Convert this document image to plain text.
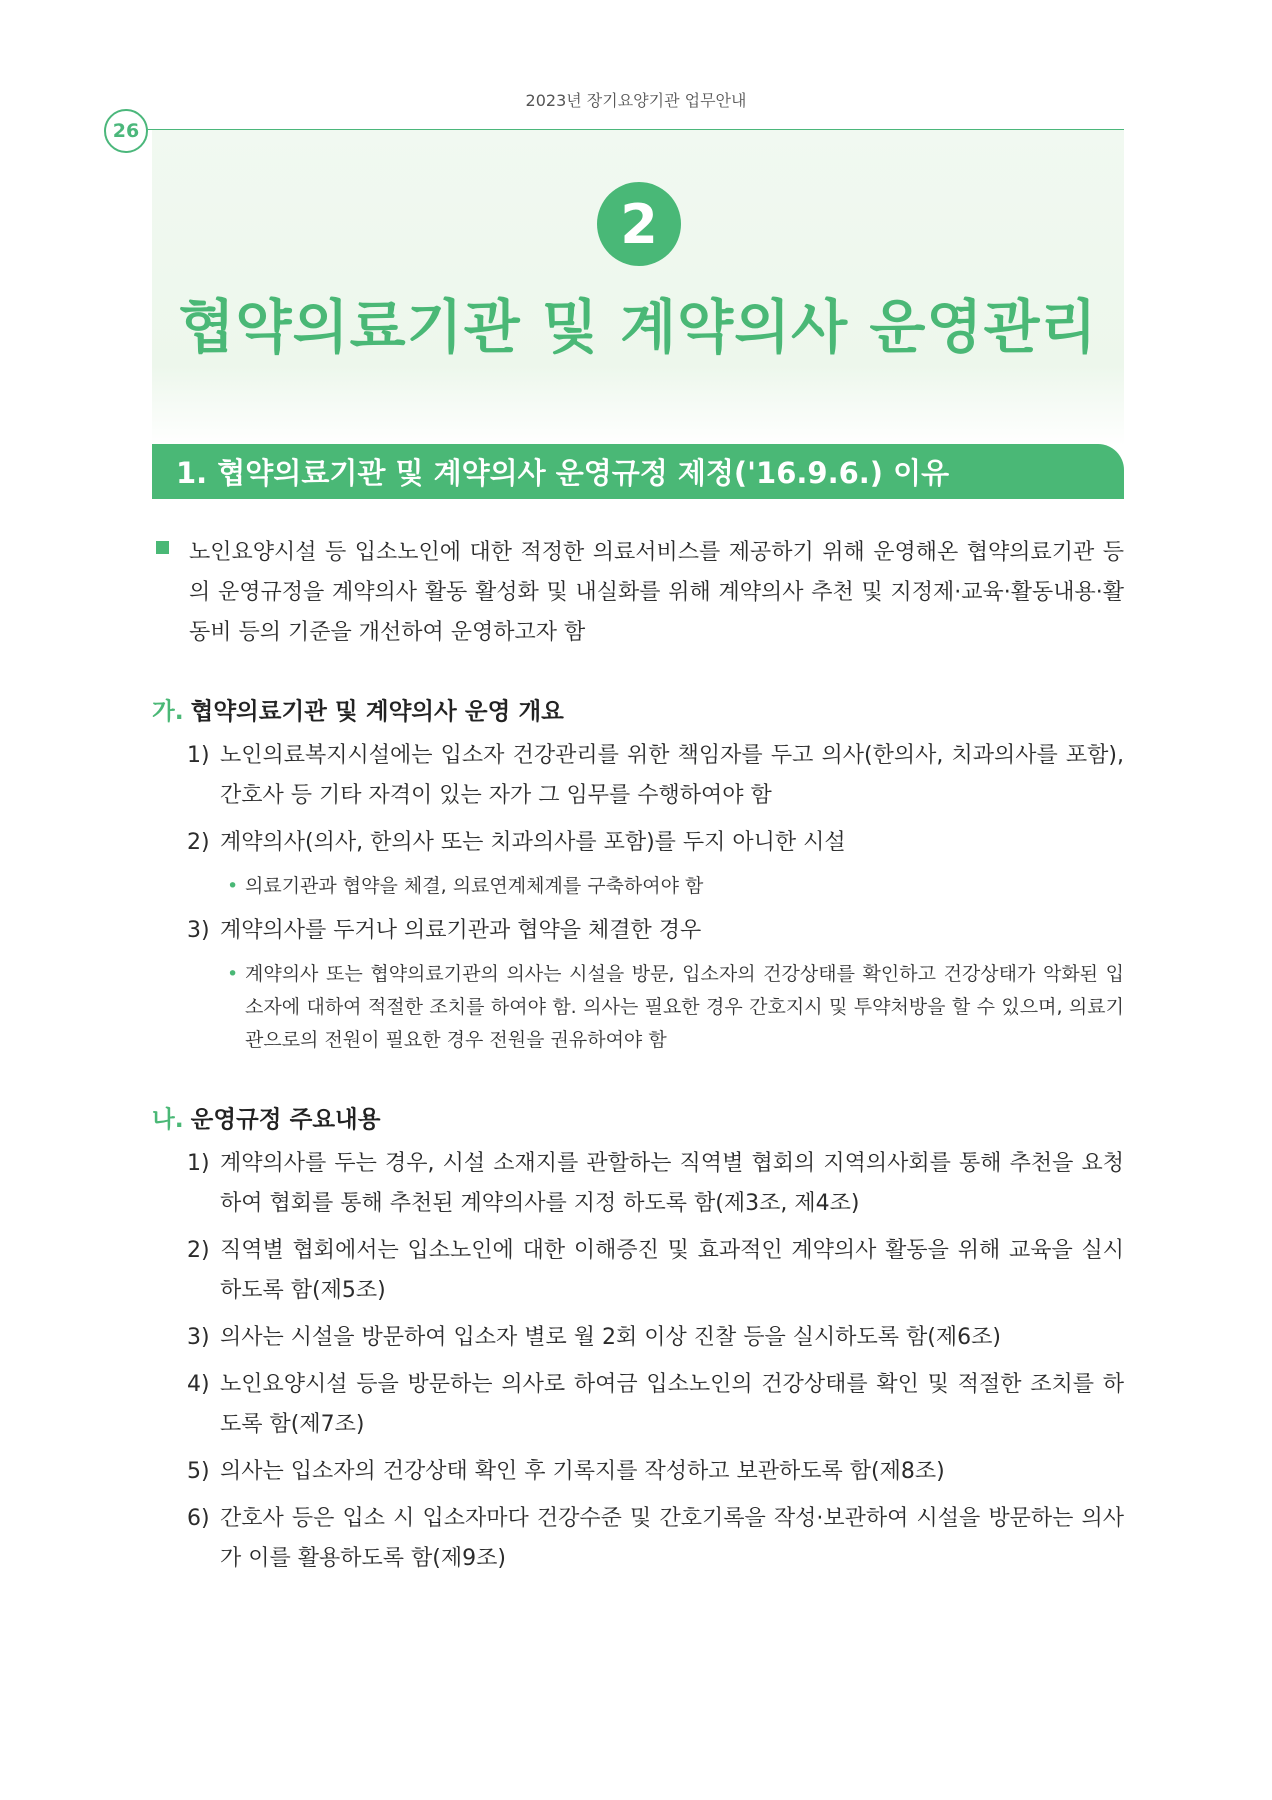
2023년 장기요양기관 업무안내
26
2
협약의료기관 및 계약의사 운영관리
1. 협약의료기관 및 계약의사 운영규정 제정('16.9.6.) 이유

노인요양시설 등 입소노인에 대한 적정한 의료서비스를 제공하기 위해 운영해온 협약의료기관 등의 운영규정을 계약의사 활동 활성화 및 내실화를 위해 계약의사 추천 및 지정제·교육·활동내용·활동비 등의 기준을 개선하여 운영하고자 함

가. 협약의료기관 및 계약의사 운영 개요
1) 노인의료복지시설에는 입소자 건강관리를 위한 책임자를 두고 의사(한의사, 치과의사를 포함), 간호사 등 기타 자격이 있는 자가 그 임무를 수행하여야 함
2) 계약의사(의사, 한의사 또는 치과의사를 포함)를 두지 아니한 시설
• 의료기관과 협약을 체결, 의료연계체계를 구축하여야 함
3) 계약의사를 두거나 의료기관과 협약을 체결한 경우
• 계약의사 또는 협약의료기관의 의사는 시설을 방문, 입소자의 건강상태를 확인하고 건강상태가 악화된 입소자에 대하여 적절한 조치를 하여야 함. 의사는 필요한 경우 간호지시 및 투약처방을 할 수 있으며, 의료기관으로의 전원이 필요한 경우 전원을 권유하여야 함
나. 운영규정 주요내용
1) 계약의사를 두는 경우, 시설 소재지를 관할하는 직역별 협회의 지역의사회를 통해 추천을 요청하여 협회를 통해 추천된 계약의사를 지정 하도록 함(제3조, 제4조)
2) 직역별 협회에서는 입소노인에 대한 이해증진 및 효과적인 계약의사 활동을 위해 교육을 실시하도록 함(제5조)
3) 의사는 시설을 방문하여 입소자 별로 월 2회 이상 진찰 등을 실시하도록 함(제6조)
4) 노인요양시설 등을 방문하는 의사로 하여금 입소노인의 건강상태를 확인 및 적절한 조치를 하도록 함(제7조)
5) 의사는 입소자의 건강상태 확인 후 기록지를 작성하고 보관하도록 함(제8조)
6) 간호사 등은 입소 시 입소자마다 건강수준 및 간호기록을 작성·보관하여 시설을 방문하는 의사가 이를 활용하도록 함(제9조)
